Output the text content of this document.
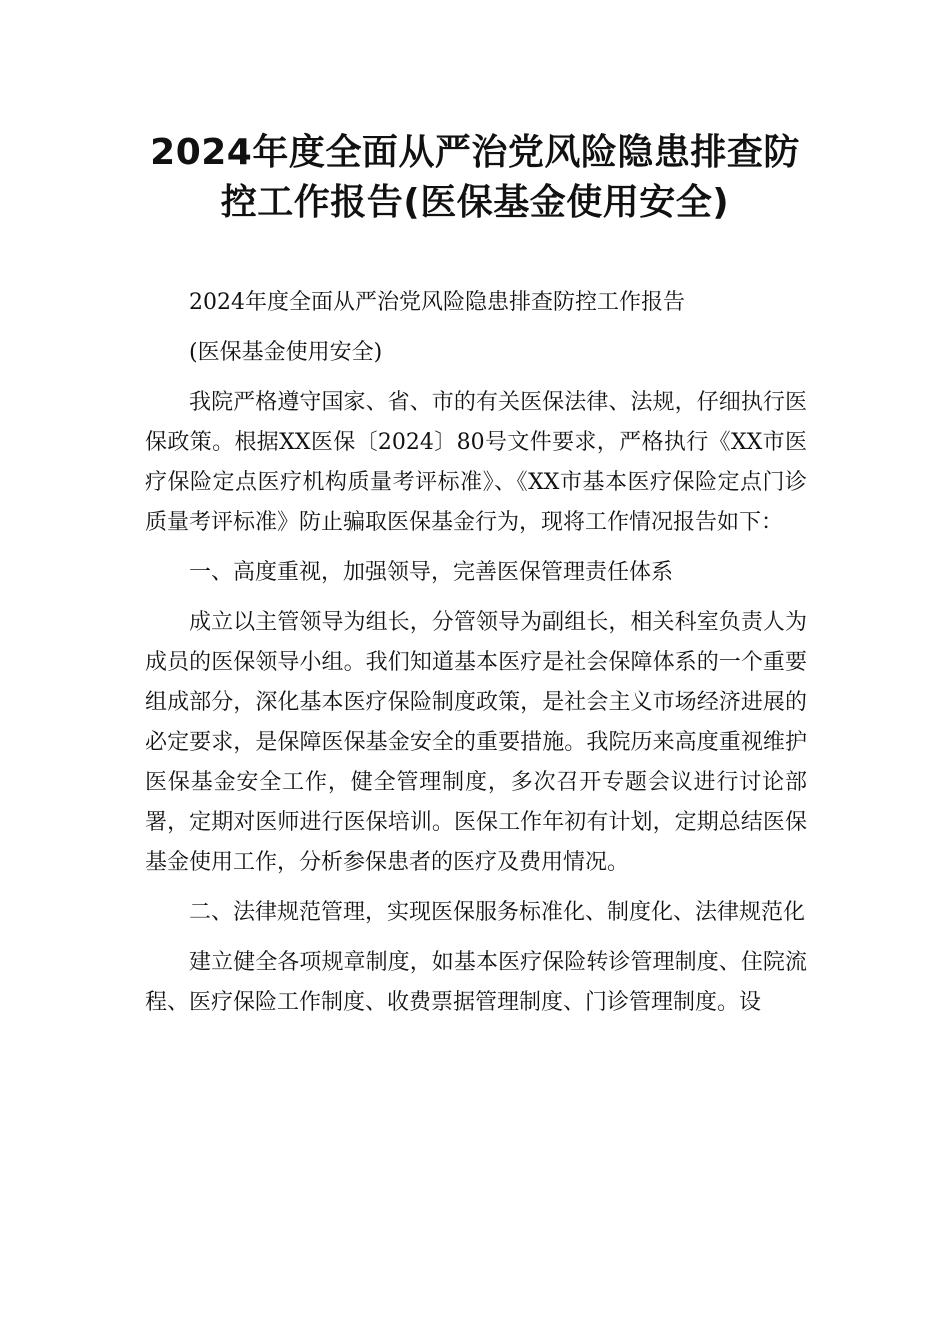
2024年度全面从严治党风险隐患排查防
控工作报告(医保基金使用安全)

2024年度全面从严治党风险隐患排查防控工作报告

(医保基金使用安全)

我院严格遵守国家、省、市的有关医保法律、法规，仔细执行医保政策。根据XX医保〔2024〕80号文件要求，严格执行《XX市医疗保险定点医疗机构质量考评标准》、《XX市基本医疗保险定点门诊质量考评标准》防止骗取医保基金行为，现将工作情况报告如下：

一、高度重视，加强领导，完善医保管理责任体系

成立以主管领导为组长，分管领导为副组长，相关科室负责人为成员的医保领导小组。我们知道基本医疗是社会保障体系的一个重要组成部分，深化基本医疗保险制度政策，是社会主义市场经济进展的必定要求，是保障医保基金安全的重要措施。我院历来高度重视维护医保基金安全工作，健全管理制度，多次召开专题会议进行讨论部署，定期对医师进行医保培训。医保工作年初有计划，定期总结医保基金使用工作，分析参保患者的医疗及费用情况。

二、法律规范管理，实现医保服务标准化、制度化、法律规范化

建立健全各项规章制度，如基本医疗保险转诊管理制度、住院流程、医疗保险工作制度、收费票据管理制度、门诊管理制度。设
